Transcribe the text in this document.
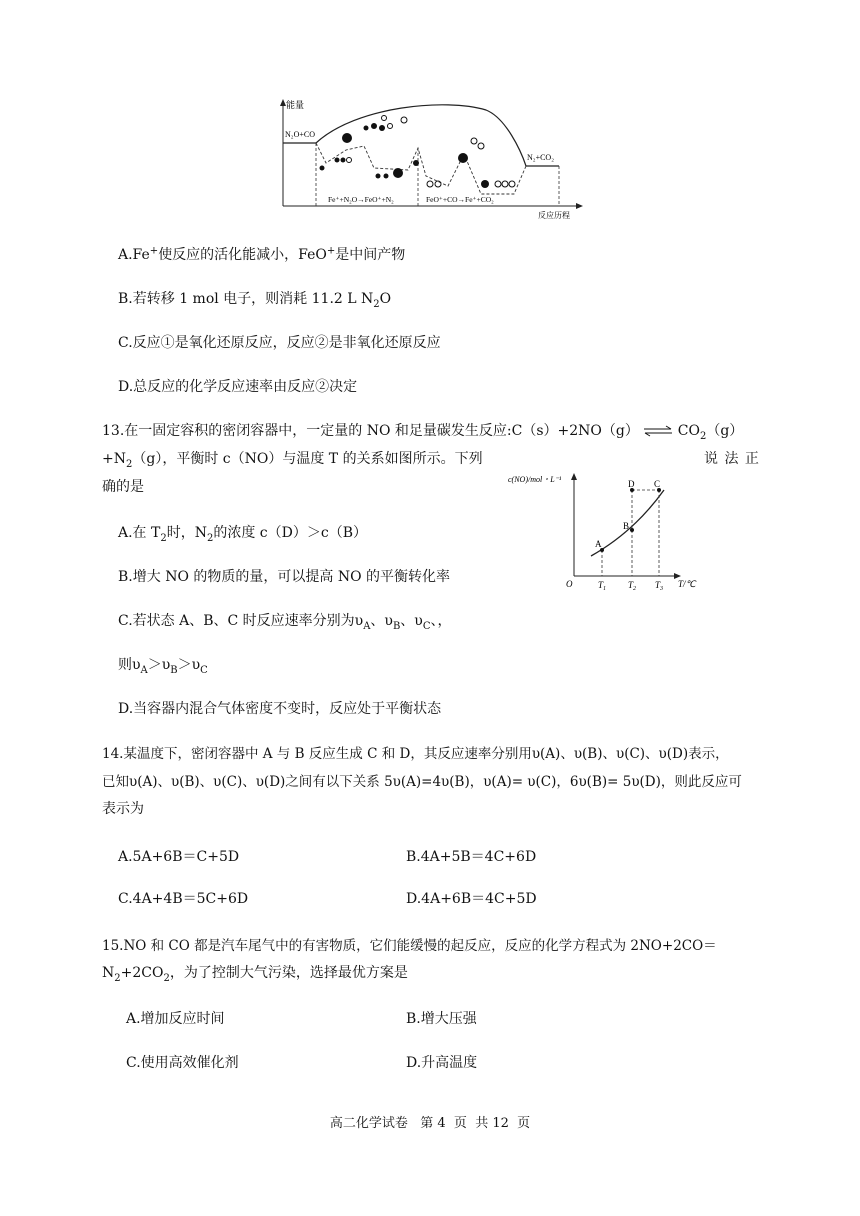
能量
N₂O+CO
N₂+CO₂
Fe⁺+N₂O→FeO⁺+N₂	FeO⁺+CO→Fe⁺+CO₂
反应历程
A.Fe+使反应的活化能减小，FeO+是中间产物
B.若转移 1 mol 电子，则消耗 11.2 L $N_2O$
C.反应①是氧化还原反应，反应②是非氧化还原反应
D.总反应的化学反应速率由反应②决定
13.在一固定容积的密闭容器中，一定量的 NO 和足量碳发生反应:C（s）+2NO（g） ⇌ $CO_2(g)$
$+N_2(g)$，平衡时 c（NO）与温度 T 的关系如图所示。下列	说 法 正
确的是	c(NO)/mol・L⁻¹
O	T/℃
A
B
C
D
$T_1$ $T_2$ $T_3$
A.在 $T_2$时，$N_2$的浓度 c（D）＞c（B）
B.增大 NO 的物质的量，可以提高 NO 的平衡转化率
C.若状态 A、B、C 时反应速率分别为$\upsilon_A$、$\upsilon_B$、$\upsilon_C$、，
则$\upsilon_A>\upsilon_B>\upsilon_C$
D.当容器内混合气体密度不变时，反应处于平衡状态
14.某温度下，密闭容器中 A 与 B 反应生成 C 和 D，其反应速率分别用υ(A)、υ(B)、υ(C)、υ(D)表示，
已知υ(A)、υ(B)、υ(C)、υ(D)之间有以下关系 5υ(A)=4υ(B)，υ(A)= υ(C)，6υ(B)= 5υ(D)，则此反应可
表示为
A.5A+6B＝C+5D	B.4A+5B＝4C+6D
C.4A+4B＝5C+6D	D.4A+6B＝4C+5D
15.NO 和 CO 都是汽车尾气中的有害物质，它们能缓慢的起反应，反应的化学方程式为 2NO+2CO＝
$N_2+2CO_2$，为了控制大气污染，选择最优方案是
A.增加反应时间	B.增大压强
C.使用高效催化剂	D.升高温度
高二化学试卷   第 4  页  共 12  页
